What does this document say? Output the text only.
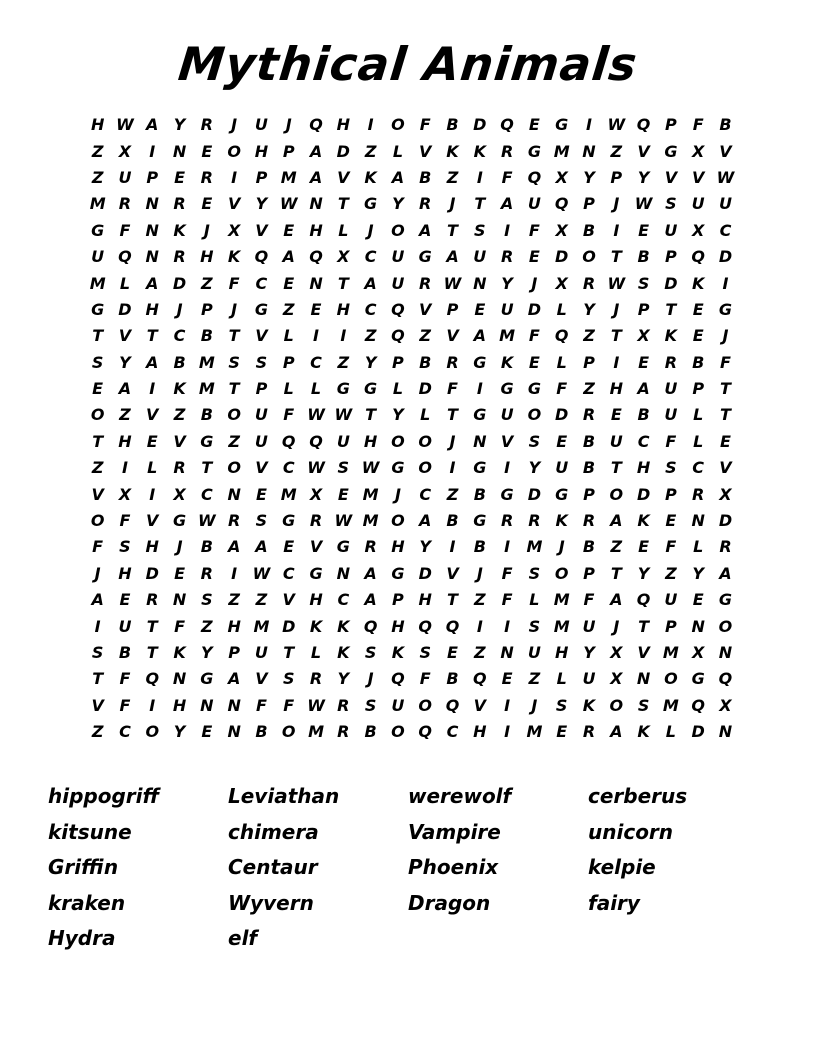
Mythical Animals
H W A Y R	J	U	J	Q H	I	O F B D Q E G	I W Q P F B
Z X	I	N E O H P A D Z	L	V K K R G M N Z V G X V
Z U P E R	I	P M A V K A B Z	I	F Q X Y P Y V V W
M R N R E V Y W N T G Y R	J	T A U Q P	J W S U U
G F N K	J	X V E H L	J	O A T	S	I	F X B	I	E U X C
U Q N R H K Q A Q X C U G A U R E D O T B P Q D
M L	A D Z	F C E N T A U R W N Y	J	X R W S D K	I
G D H	J	P	J	G Z	E H C Q V P E U D L	Y	J	P T	E G
T V T C B T V	L	I	I	Z Q Z V A M F Q Z	T X K E	J
S Y A B M S S P C Z Y P B R G K E	L	P	I	E R B F
E A	I	K M T P	L	L G G L D F	I	G G F	Z H A U P T
O Z V Z B O U F W W T	Y	L	T G U O D R E B U L	T
T H E V G Z U Q Q U H O O	J	N V S	E B U C F	L	E
Z	I	L	R T O V C W S W G O	I	G	I	Y U B T H S C V
V X	I	X C N E M X E M	J	C Z B G D G P O D P R X
O F V G W R S G R W M O A B G R R K R A K E N D
F	S H	J	B A A E V G R H Y	I	B	I	M	J	B Z	E	F	L	R
J	H D E R	I W C G N A G D V	J	F	S O P T	Y Z Y A
A E R N S Z Z V H C A P H T	Z	F	L M F A Q U E G
I	U T	F	Z H M D K K Q H Q Q	I	I	S M U	J	T P N O
S B T K Y P U T	L K S K S	E	Z N U H Y X V M X N
T	F Q N G A V S R Y	J	Q F B Q E	Z	L U X N O G Q
V F	I	H N N F	F W R S U O Q V	I	J	S K O S M Q X
Z C O Y	E N B O M R B O Q C H	I	M E R A K	L D N
hippogriff	Leviathan	werewolf	cerberus
kitsune	chimera	Vampire	unicorn
Griffin	Centaur	Phoenix	kelpie
kraken	Wyvern	Dragon	fairy
Hydra	elf
